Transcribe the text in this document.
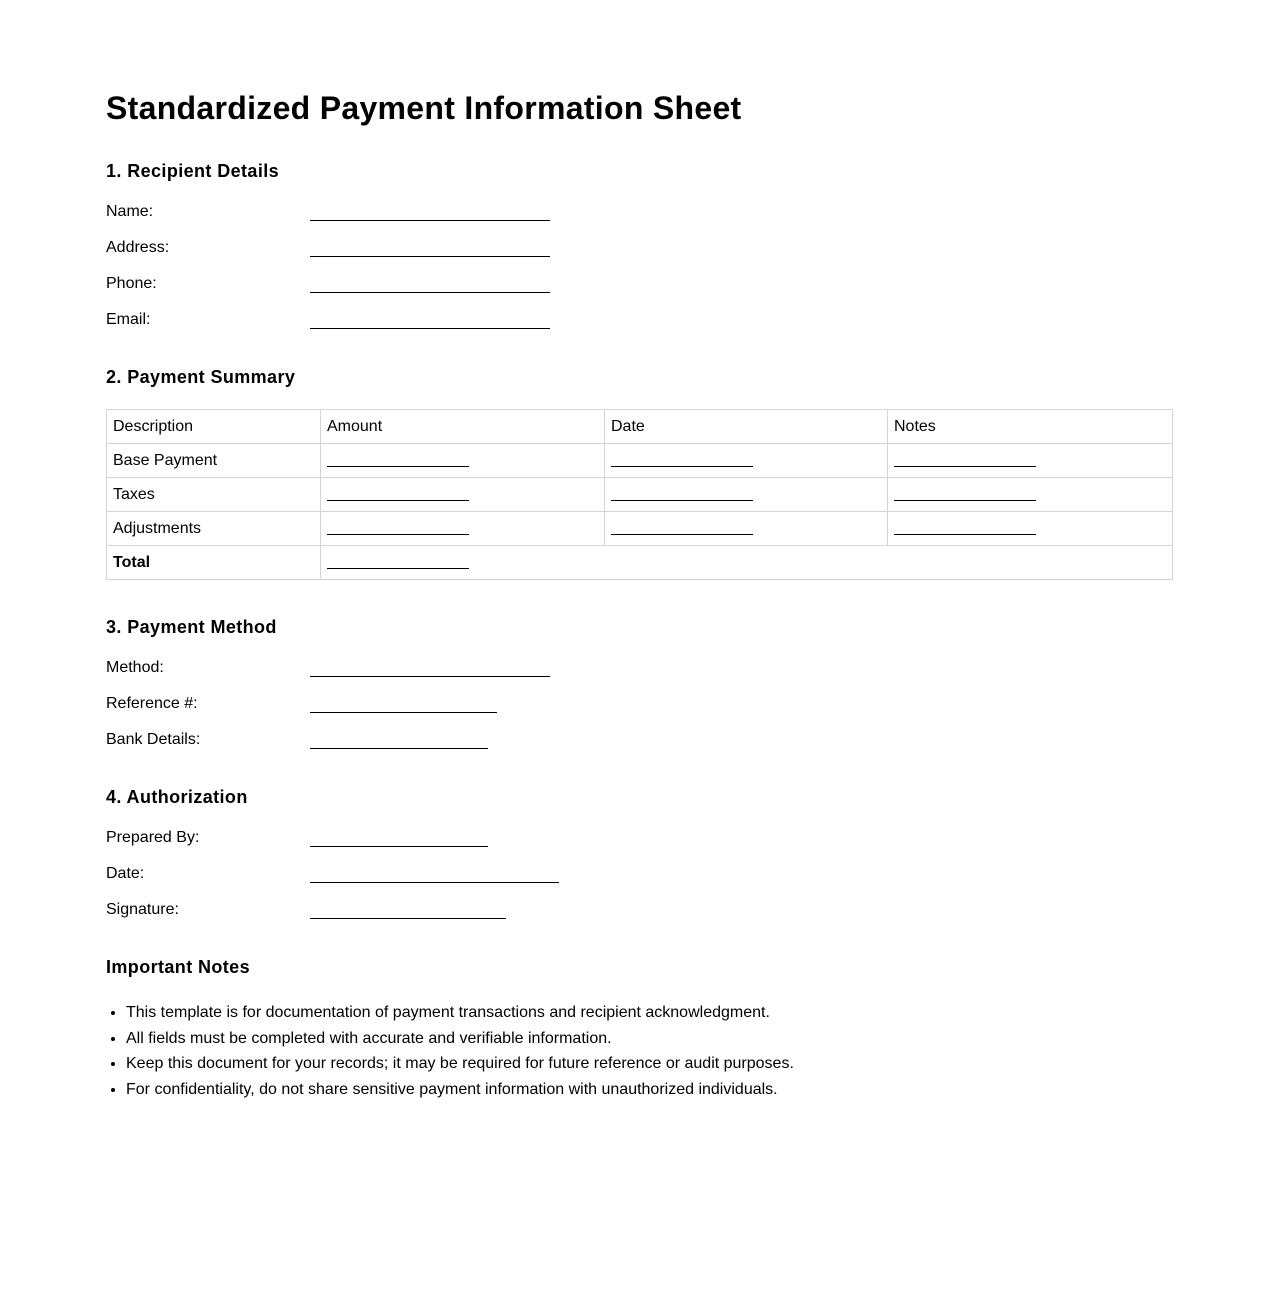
Standardized Payment Information Sheet
1. Recipient Details
Name:
Address:
Phone:
Email:
2. Payment Summary
Description	Amount	Date	Notes
Base Payment	

Taxes	

Adjustments	

Total			
3. Payment Method
Method:
Reference #:
Bank Details:
4. Authorization
Prepared By:
Date:
Signature:
Important Notes
• This template is for documentation of payment transactions and recipient acknowledgment.
• All fields must be completed with accurate and verifiable information.
• Keep this document for your records; it may be required for future reference or audit purposes.
• For confidentiality, do not share sensitive payment information with unauthorized individuals.
